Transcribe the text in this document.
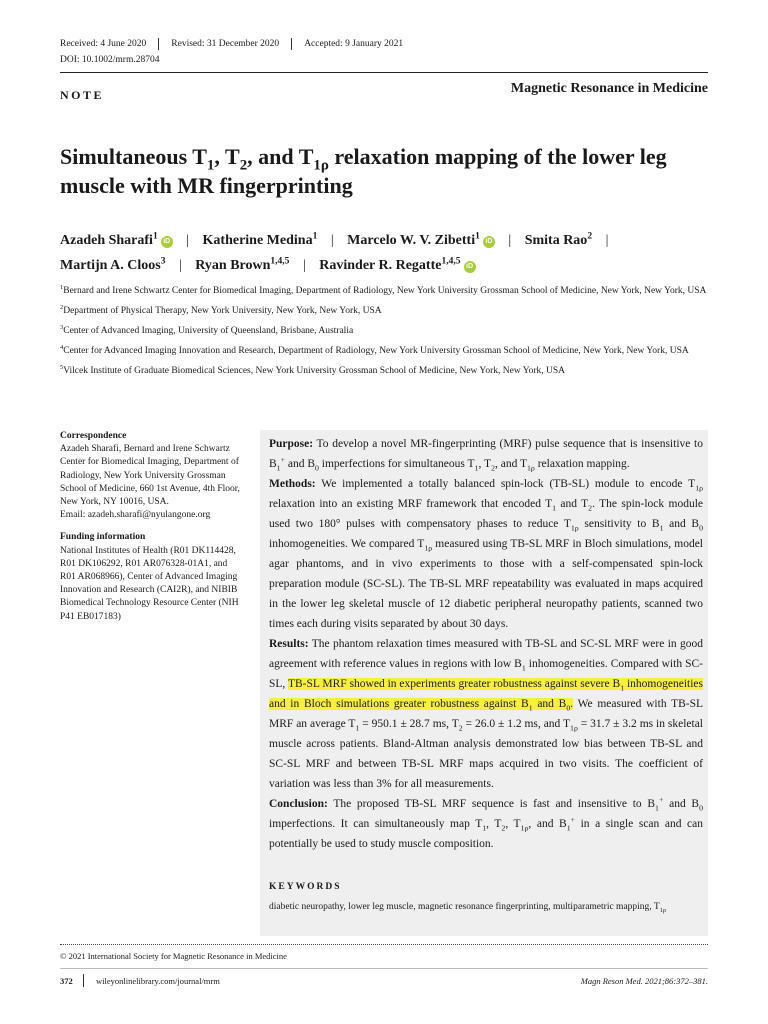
Received: 4 June 2020	Revised: 31 December 2020	Accepted: 9 January 2021
DOI: 10.1002/mrm.28704
NOTE	Magnetic Resonance in Medicine
Simultaneous $T_1$, $T_2$, and $T_{1\rho}$ relaxation mapping of the lower leg
muscle with MR fingerprinting
Azadeh Sharafi$^1$iD | Katherine Medina$^1$ | Marcelo W. V. Zibetti$^1$iD | Smita Rao$^2$ |
Martijn A. Cloos$^3$ | Ryan Brown$^{1,4,5}$ | Ravinder R. Regatte$^{1,4,5}$iD

$^1$Bernard and Irene Schwartz Center for Biomedical Imaging, Department of Radiology, New York University Grossman School of Medicine, New York, New York, USA

$^2$Department of Physical Therapy, New York University, New York, New York, USA

$^3$Center of Advanced Imaging, University of Queensland, Brisbane, Australia

$^4$Center for Advanced Imaging Innovation and Research, Department of Radiology, New York University Grossman School of Medicine, New York, New York, USA

$^5$Vilcek Institute of Graduate Biomedical Sciences, New York University Grossman School of Medicine, New York, New York, USA

Correspondence

Azadeh Sharafi, Bernard and Irene Schwartz Center for Biomedical Imaging, Department of Radiology, New York University Grossman School of Medicine, 660 1st Avenue, 4th Floor, New York, NY 10016, USA.
Email: azadeh.sharafi@nyulangone.org

Funding information

National Institutes of Health (R01 DK114428, R01 DK106292, R01 AR076328-01A1, and R01 AR068966), Center of Advanced Imaging Innovation and Research (CAI2R), and NIBIB Biomedical Technology Resource Center (NIH P41 EB017183)

Purpose: To develop a novel MR-fingerprinting (MRF) pulse sequence that is insensitive to $B_1^+$ and $B_0$ imperfections for simultaneous $T_1$, $T_2$, and $T_{1\rho}$ relaxation mapping.
Methods: We implemented a totally balanced spin-lock (TB-SL) module to encode $T_{1\rho}$ relaxation into an existing MRF framework that encoded $T_1$ and $T_2$. The spin-lock module used two 180° pulses with compensatory phases to reduce $T_{1\rho}$ sensitivity to $B_1$ and $B_0$ inhomogeneities. We compared $T_{1\rho}$ measured using TB-SL MRF in Bloch simulations, model agar phantoms, and in vivo experiments to those with a self-compensated spin-lock preparation module (SC-SL). The TB-SL MRF repeatability was evaluated in maps acquired in the lower leg skeletal muscle of 12 diabetic peripheral neuropathy patients, scanned two times each during visits separated by about 30 days.
Results: The phantom relaxation times measured with TB-SL and SC-SL MRF were in good agreement with reference values in regions with low $B_1$ inhomogeneities. Compared with SC-SL, TB-SL MRF showed in experiments greater robustness against severe $B_1$ inhomogeneities and in Bloch simulations greater robustness against $B_1$ and $B_0$. We measured with TB-SL MRF an average $T_1 = 950.1 \pm 28.7$ ms, $T_2 = 26.0 \pm 1.2$ ms, and $T_{1\rho} = 31.7 \pm 3.2$ ms in skeletal muscle across patients. Bland-Altman analysis demonstrated low bias between TB-SL and SC-SL MRF and between TB-SL MRF maps acquired in two visits. The coefficient of variation was less than 3% for all measurements.
Conclusion: The proposed TB-SL MRF sequence is fast and insensitive to $B_1^+$ and $B_0$ imperfections. It can simultaneously map $T_1$, $T_2$, $T_{1\rho}$, and $B_1^+$ in a single scan and can potentially be used to study muscle composition.
KEYWORDS
diabetic neuropathy, lower leg muscle, magnetic resonance fingerprinting, multiparametric mapping, $T_{1\rho}$
© 2021 International Society for Magnetic Resonance in Medicine
372	wileyonlinelibrary.com/journal/mrm	Magn Reson Med. 2021;86:372–381.
